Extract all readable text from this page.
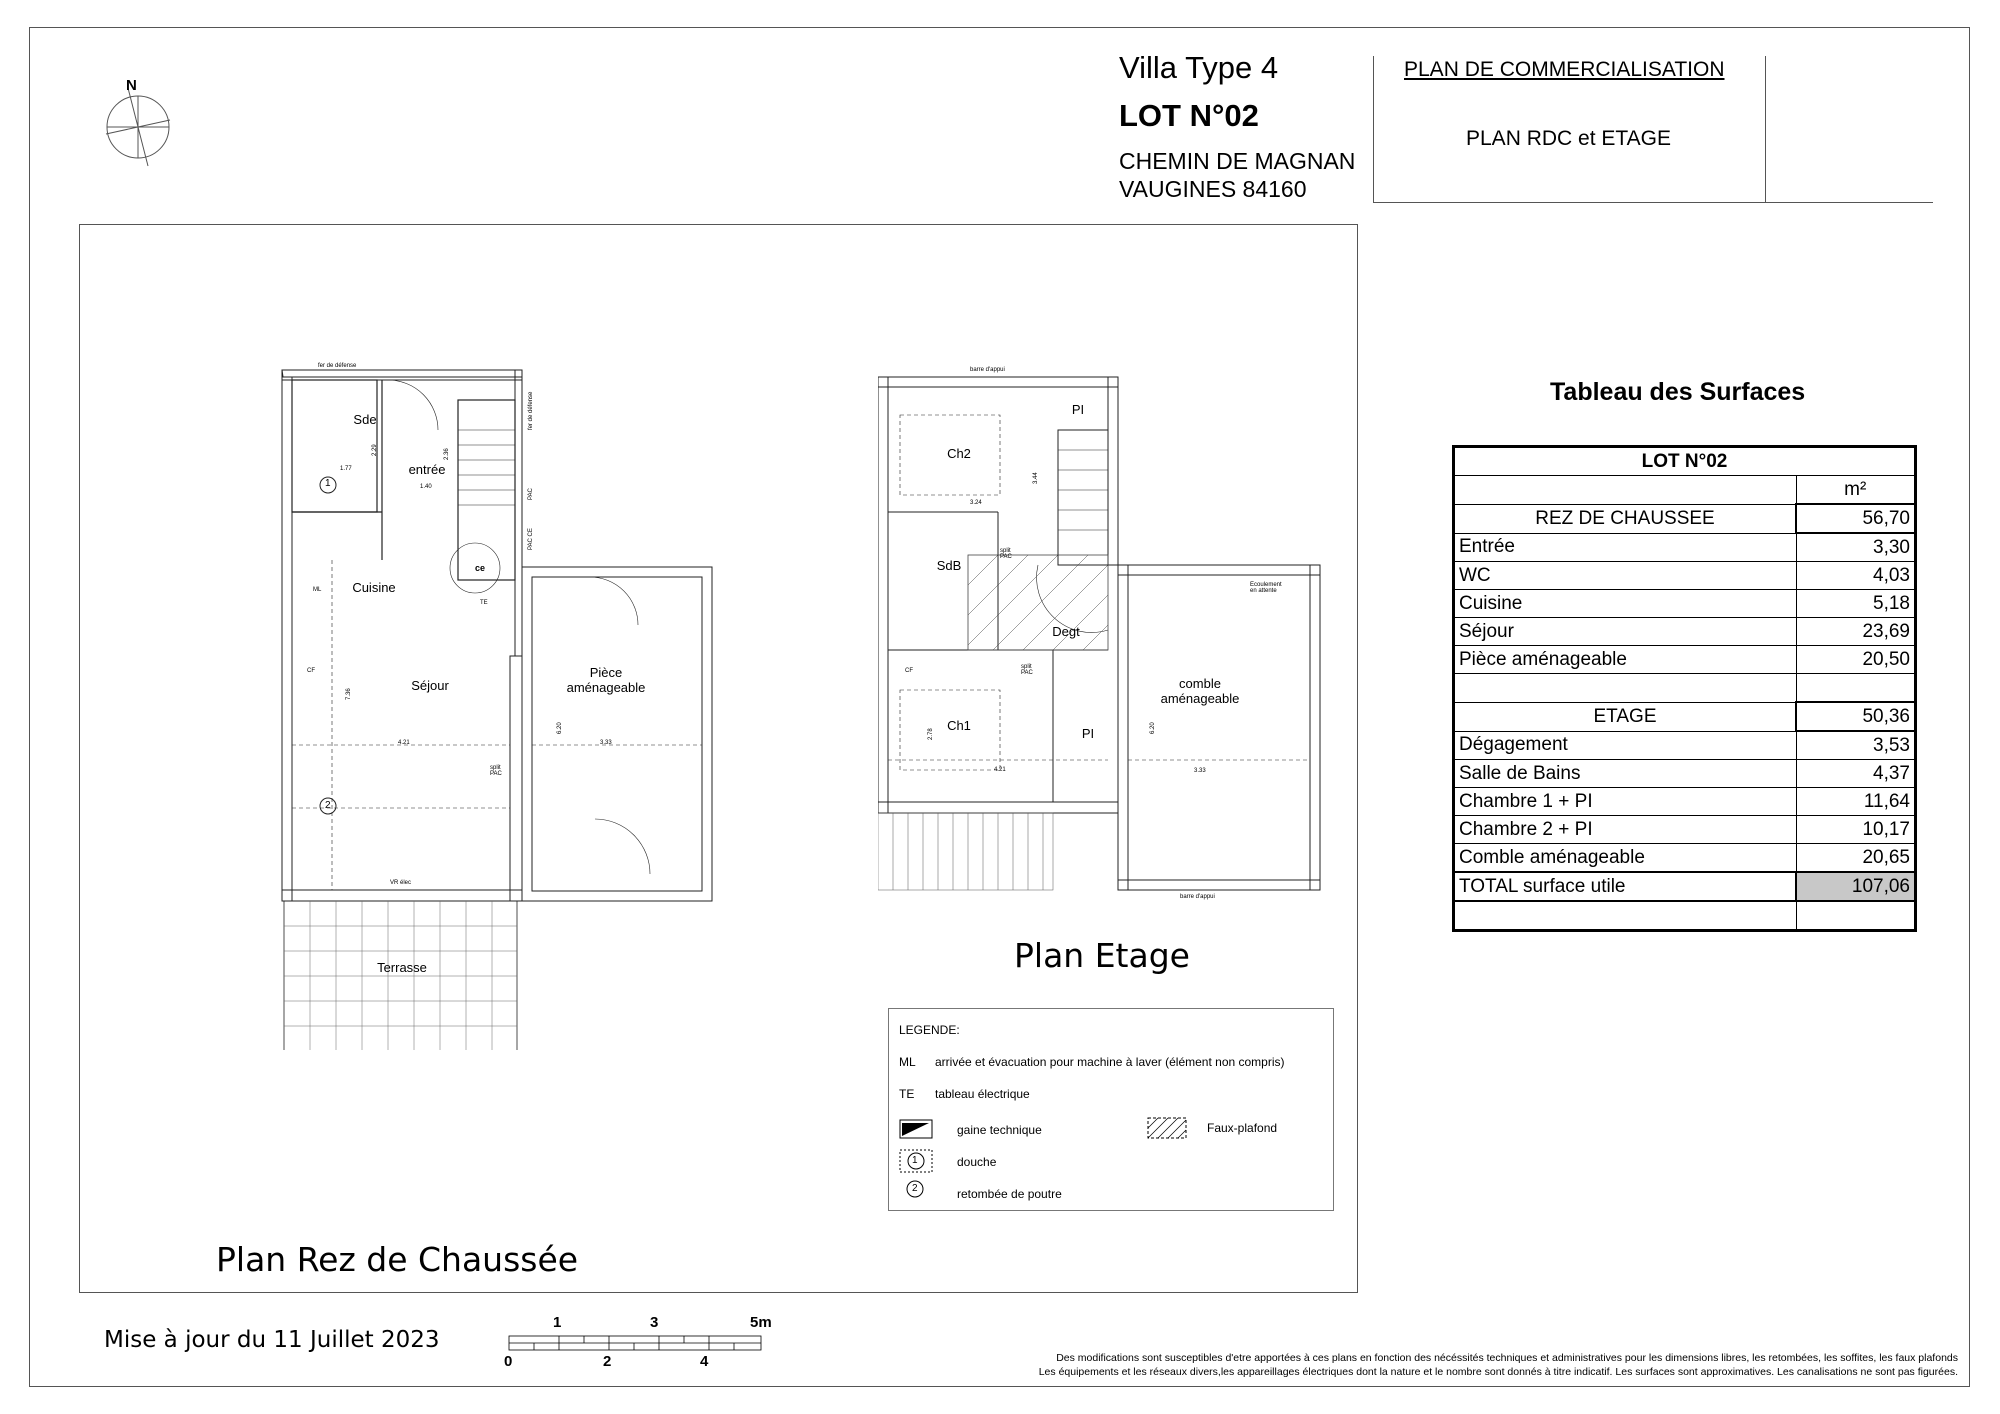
N
Villa Type 4
LOT N°02
CHEMIN DE MAGNAN
VAUGINES 84160
PLAN DE COMMERCIALISATION
PLAN RDC et ETAGE
Sde
entrée
Cuisine
Séjour
Pièce
aménageable
Terrasse
ML
ce
TE
fer de défense
fer de défense
PAC
PAC CE
1.77
1.40
2.29	2.36
7.36
4.21
6.20
3.33
split
PAC
VR élec
CF
1
2
Ch2
PI
SdB
Degt
Ch1
PI
comble
aménageable
barre d'appui
barre d'appui
3.24
3.44
2.78
4.21
6.20
3.33
split
PAC
split
PAC
CF
Ecoulement
en attente
Plan Etage
Plan Rez de Chaussée
LEGENDE:
ML arrivée et évacuation pour machine à laver (élément non compris)
TE tableau électrique
gaine technique	Faux-plafond
1	douche
2	retombée de poutre
Tableau des Surfaces
LOT N°02	
	m²
REZ DE CHAUSSEE	56,70
Entrée	3,30
WC	4,03
Cuisine	5,18
Séjour	23,69
Pièce aménageable	20,50

ETAGE	50,36
Dégagement	3,53
Salle de Bains	4,37
Chambre 1 + PI	11,64
Chambre 2 + PI	10,17
Comble aménageable	20,65
TOTAL surface utile	107,06

Mise à jour du 11 Juillet 2023
1	3	5m
0	2	4	Des modifications sont susceptibles d'etre apportées à ces plans en fonction des nécéssités techniques et administratives pour les dimensions libres, les retombées, les soffites, les faux plafonds
Les équipements et les réseaux divers,les appareillages électriques dont la nature et le nombre sont donnés à titre indicatif. Les surfaces sont approximatives. Les canalisations ne sont pas figurées.
